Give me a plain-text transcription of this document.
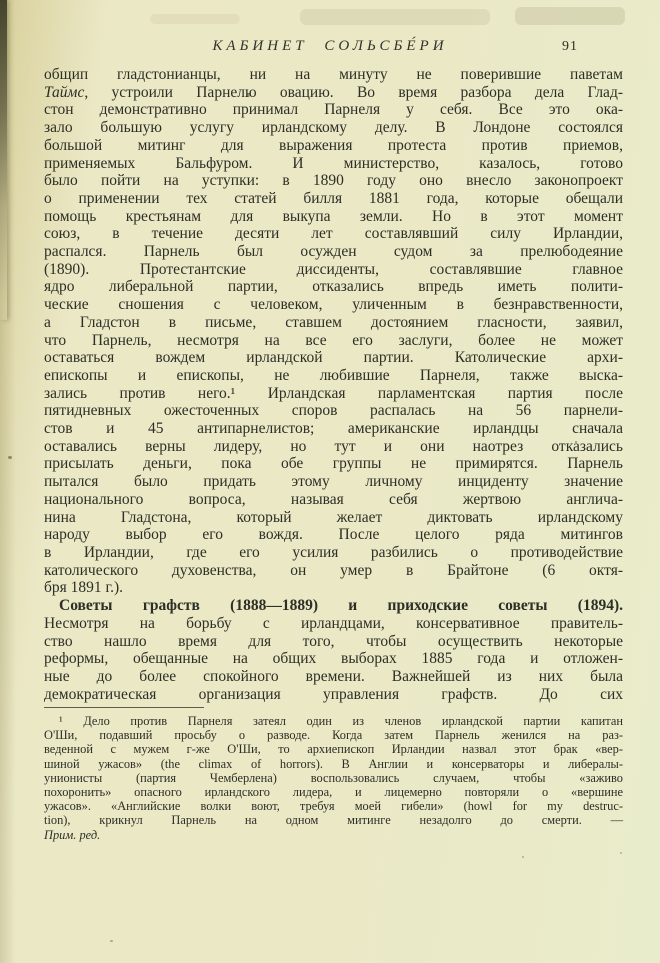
КАБИНЕТ СОЛЬСБЕ́РИ	91
общип гладстонианцы, ни на минуту не поверившие паветам
Таймс, устроили Парнелю овацию. Во время разбора дела Глад-
стон демонстративно принимал Парнеля у себя. Все это ока-
зало большую услугу ирландскому делу. В Лондоне состоялся
большой митинг для выражения протеста против приемов,
применяемых Бальфуром. И министерство, казалось, готово
было пойти на уступки: в 1890 году оно внесло законопроект
о применении тех статей билля 1881 года, которые обещали
помощь крестьянам для выкупа земли. Но в этот момент
союз, в течение десяти лет составлявший силу Ирландии,
распался. Парнель был осужден судом за прелюбодеяние
(1890). Протестантские диссиденты, составлявшие главное
ядро либеральной партии, отказались впредь иметь полити-
ческие сношения с человеком, уличенным в безнравственности,
а Гладстон в письме, ставшем достоянием гласности, заявил,
что Парнель, несмотря на все его заслуги, более не может
оставаться вождем ирландской партии. Католические архи-
епископы и епископы, не любившие Парнеля, также выска-
зались против него.¹ Ирландская парламентская партия после
пятидневных ожесточенных споров распалась на 56 парнели-
стов и 45 антипарнелистов; американские ирландцы сначала
оставались верны лидеру, но тут и они наотрез отказались
присылать деньги, пока обе группы не примирятся. Парнель
пытался было придать этому личному инциденту значение
национального вопроса, называя себя жертвою англича-
нина Гладстона, который желает диктовать ирландскому
народу выбор его вождя. После целого ряда митингов
в Ирландии, где его усилия разбились о противодействие
католического духовенства, он умер в Брайтоне (6 октя-
бря 1891 г.).
Советы графств (1888—1889) и приходские советы (1894).
Несмотря на борьбу с ирландцами, консервативное правитель-
ство нашло время для того, чтобы осуществить некоторые
реформы, обещанные на общих выборах 1885 года и отложен-
ные до более спокойного времени. Важнейшей из них была
демократическая организация управления графств. До сих
¹ Дело против Парнеля затеял один из членов ирландской партии капитан
О'Ши, подавший просьбу о разводе. Когда затем Парнель женился на раз-
веденной с мужем г-же О'Ши, то архиепископ Ирландии назвал этот брак «вер-
шиной ужасов» (the climax of horrors). В Англии и консерваторы и либералы-
унионисты (партия Чемберлена) воспользовались случаем, чтобы «заживо
похоронить» опасного ирландского лидера, и лицемерно повторяли о «вершине
ужасов». «Английские волки воют, требуя моей гибели» (howl for my destruc-
tion), крикнул Парнель на одном митинге незадолго до смерти. —
Прим. ред.
